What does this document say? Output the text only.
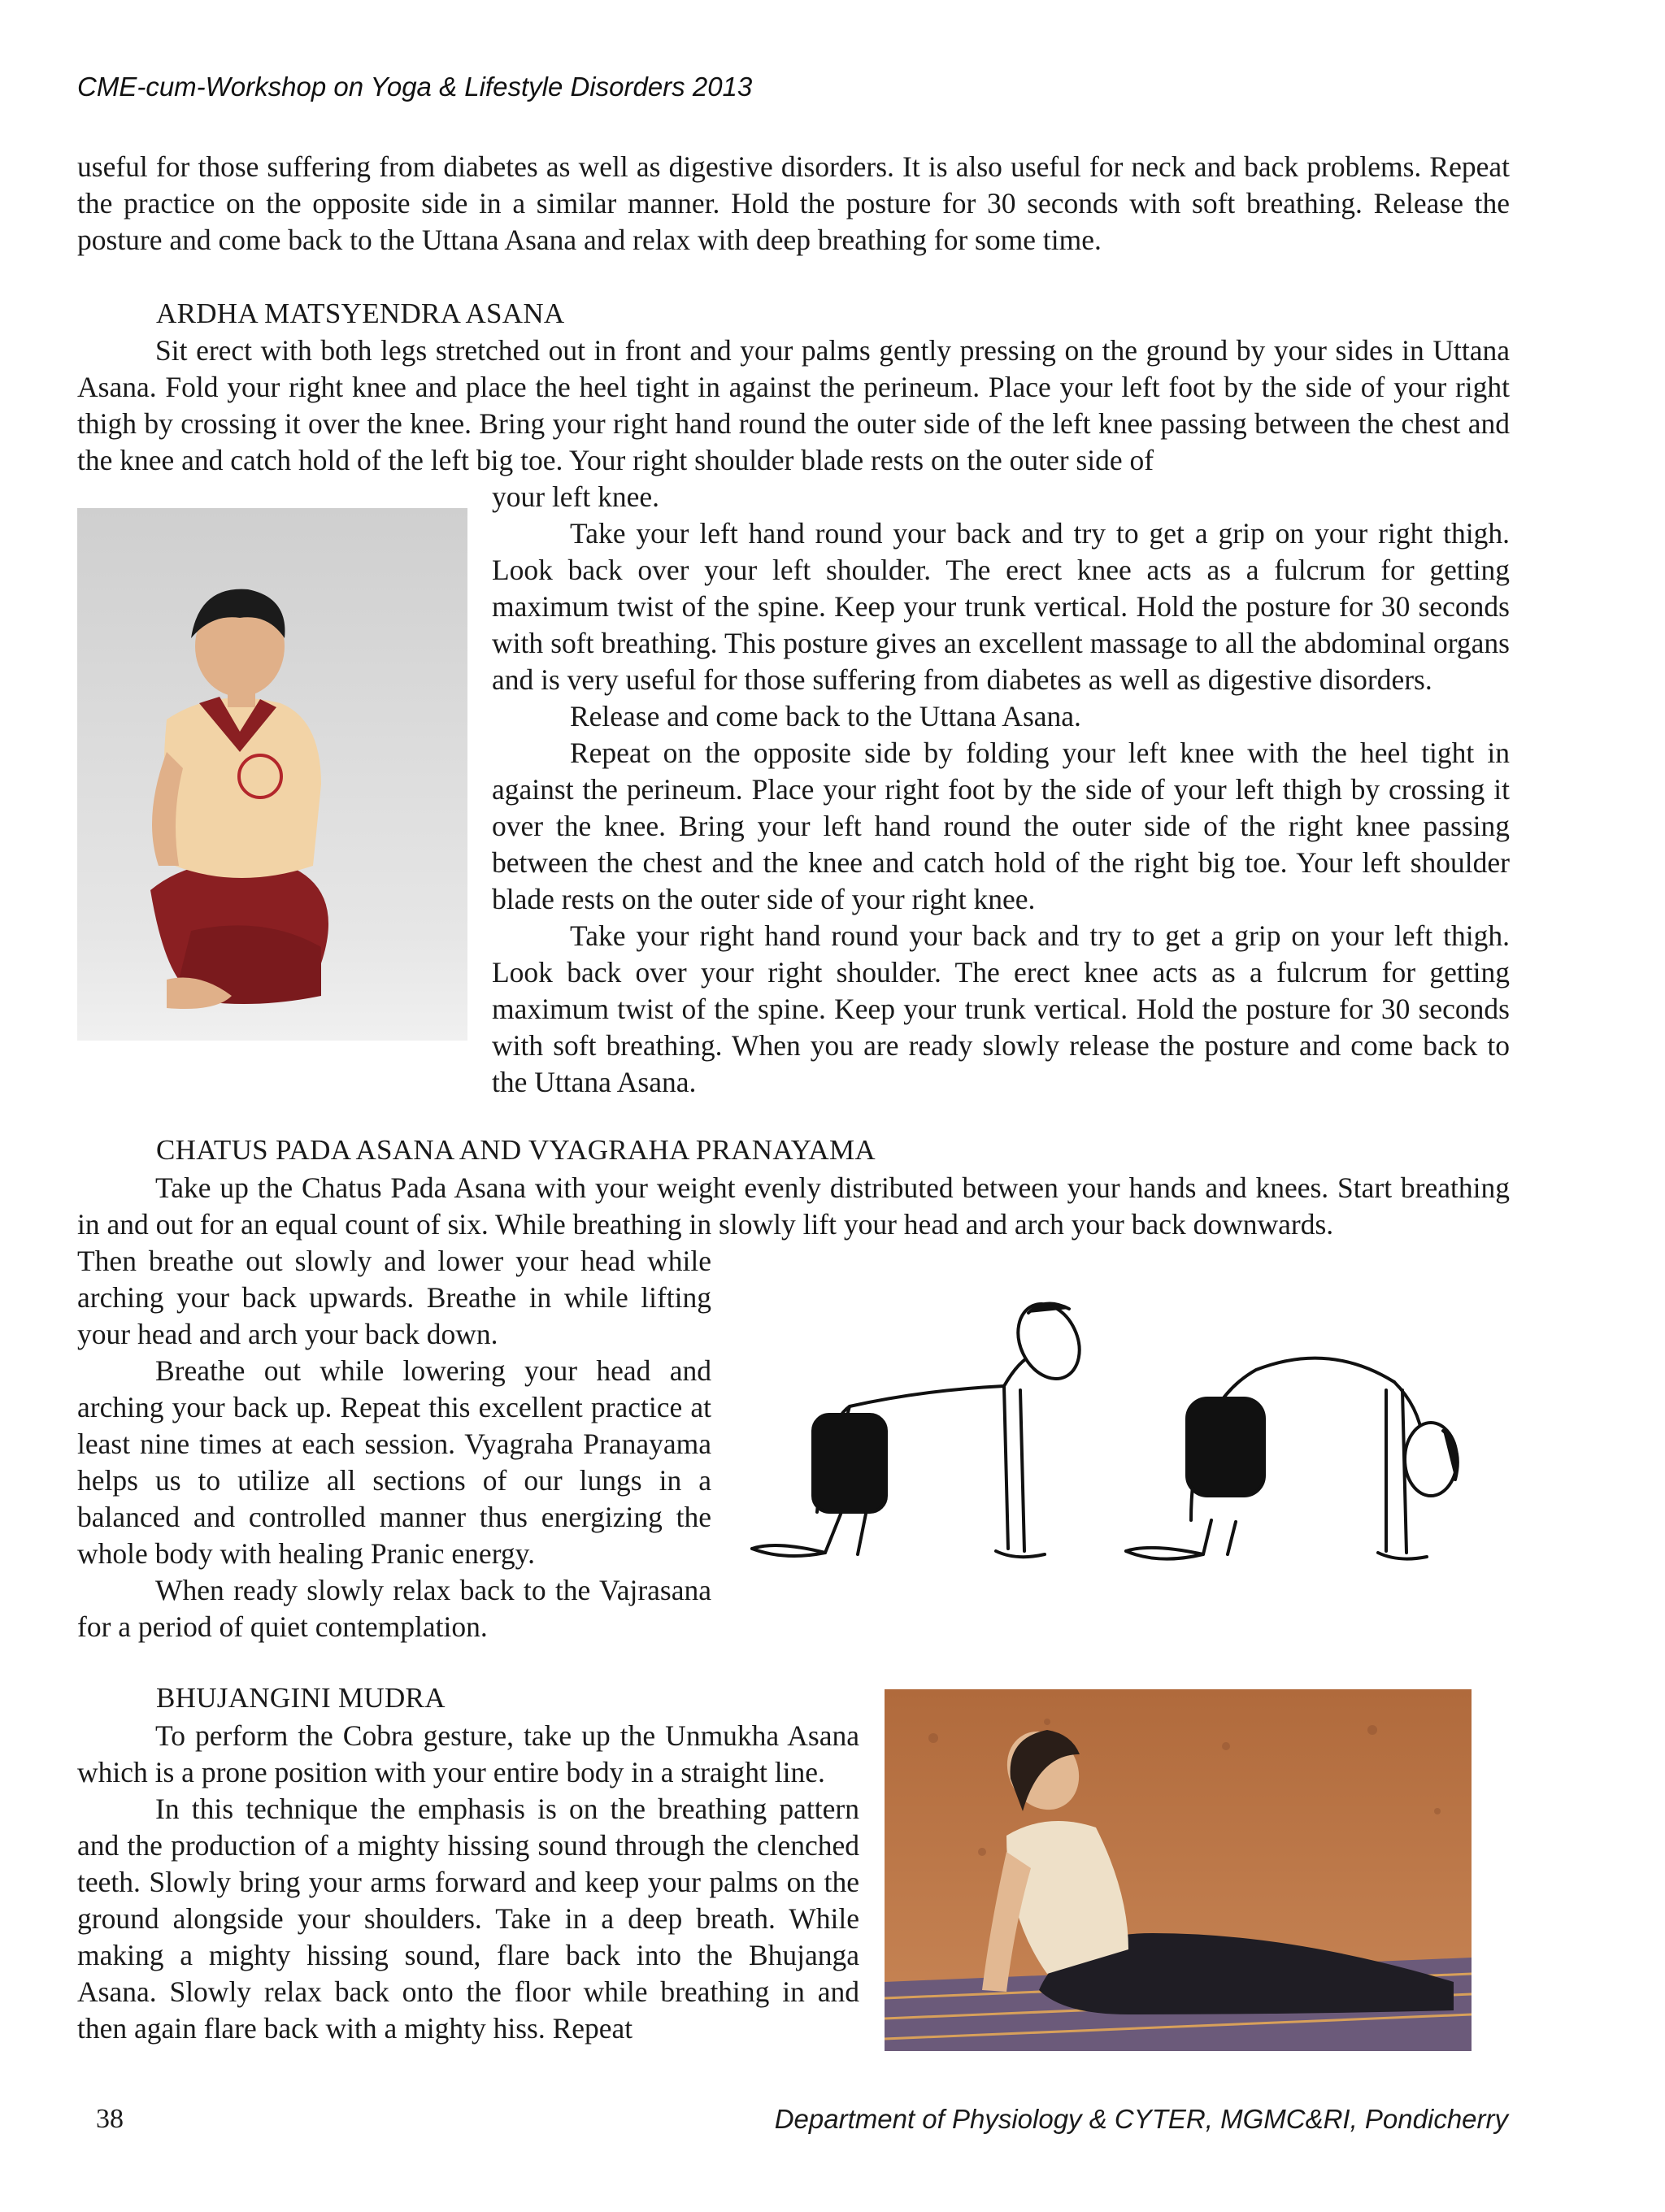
CME-cum-Workshop on Yoga & Lifestyle Disorders 2013

useful for those suffering from diabetes as well as digestive disorders. It is also useful for neck and back problems. Repeat the practice on the opposite side in a similar manner. Hold the posture for 30 seconds with soft breathing. Release the posture and come back to the Uttana Asana and relax with deep breathing for some time.

ARDHA MATSYENDRA ASANA

Sit erect with both legs stretched out in front and your palms gently pressing on the ground by your sides in Uttana Asana. Fold your right knee and place the heel tight in against the perineum. Place your left foot by the side of your right thigh by crossing it over the knee. Bring your right hand round the outer side of the left knee passing between the chest and the knee and catch hold of the left big toe. Your right shoulder blade rests on the outer side of

your left knee.

Take your left hand round your back and try to get a grip on your right thigh. Look back over your left shoulder. The erect knee acts as a fulcrum for getting maximum twist of the spine. Keep your trunk vertical. Hold the posture for 30 seconds with soft breathing. This posture gives an excellent massage to all the abdominal organs and is very useful for those suffering from diabetes as well as digestive disorders.

Release and come back to the Uttana Asana.

Repeat on the opposite side by folding your left knee with the heel tight in against the perineum. Place your right foot by the side of your left thigh by crossing it over the knee. Bring your left hand round the outer side of the right knee passing between the chest and the knee and catch hold of the right big toe. Your left shoulder blade rests on the outer side of your right knee.

Take your right hand round your back and try to get a grip on your left thigh. Look back over your right shoulder. The erect knee acts as a fulcrum for getting maximum twist of the spine. Keep your trunk vertical. Hold the posture for 30 seconds with soft breathing. When you are ready slowly release the posture and come back to the Uttana Asana.

CHATUS PADA ASANA AND VYAGRAHA PRANAYAMA

Take up the Chatus Pada Asana with your weight evenly distributed between your hands and knees. Start breathing in and out for an equal count of six. While breathing in slowly lift your head and arch your back downwards.

Then breathe out slowly and lower your head while arching your back upwards. Breathe in while lifting your head and arch your back down.

Breathe out while lowering your head and arching your back up. Repeat this excellent practice at least nine times at each session. Vyagraha Pranayama helps us to utilize all sections of our lungs in a balanced and controlled manner thus energizing the whole body with healing Pranic energy.

When ready slowly relax back to the Vajrasana for a period of quiet contemplation.

BHUJANGINI MUDRA

To perform the Cobra gesture, take up the Unmukha Asana which is a prone position with your entire body in a straight line.

In this technique the emphasis is on the breathing pattern and the production of a mighty hissing sound through the clenched teeth. Slowly bring your arms forward and keep your palms on the ground alongside your shoulders. Take in a deep breath. While making a mighty hissing sound, flare back into the Bhujanga Asana. Slowly relax back onto the floor while breathing in and then again flare back with a mighty hiss. Repeat

38	Department of Physiology & CYTER, MGMC&RI, Pondicherry
